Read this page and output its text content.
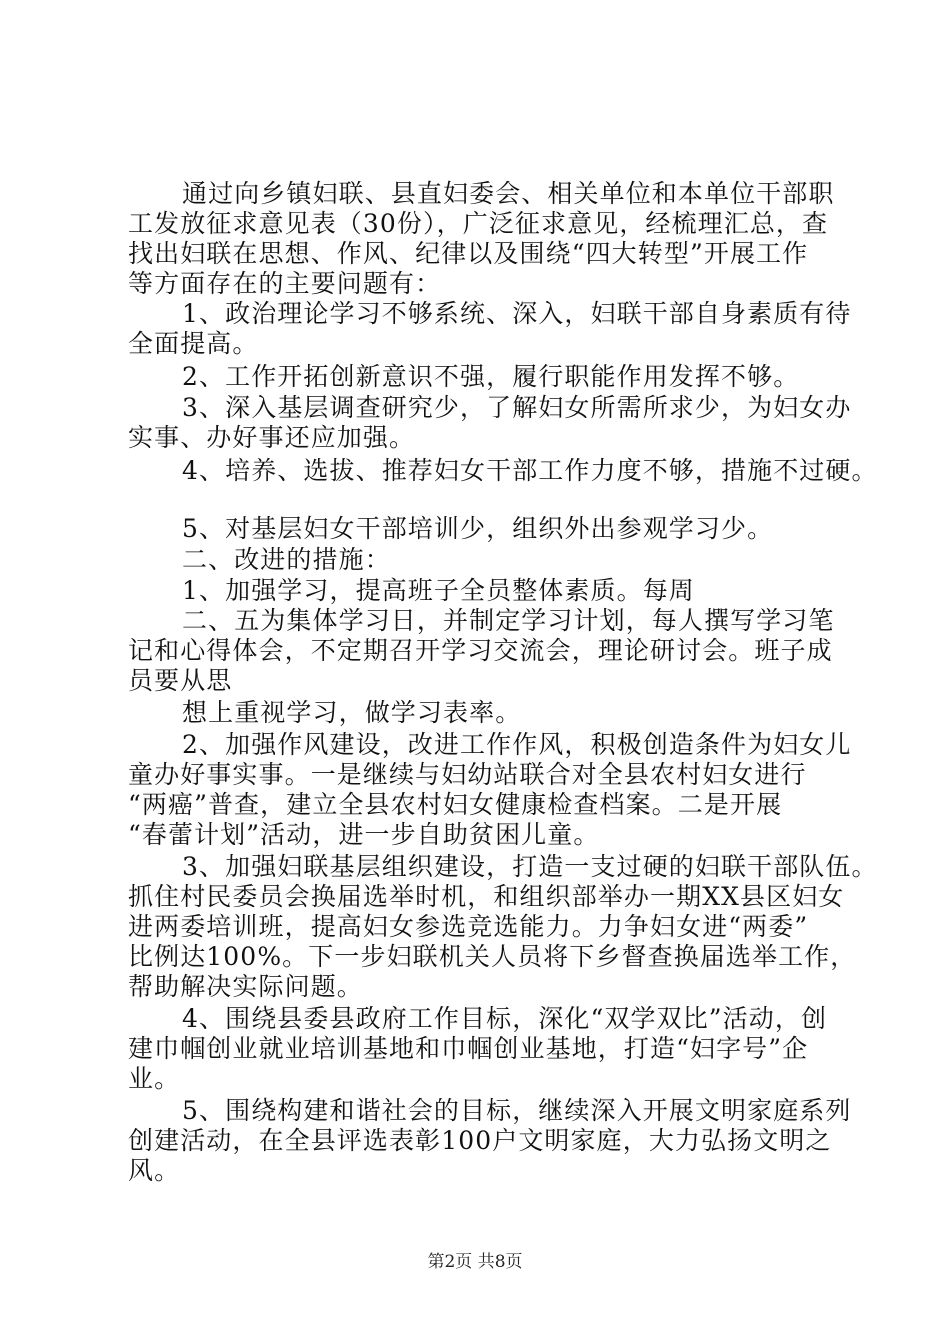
通过向乡镇妇联、县直妇委会、相关单位和本单位干部职
工发放征求意见表（30份），广泛征求意见，经梳理汇总，查
找出妇联在思想、作风、纪律以及围绕“四大转型”开展工作
等方面存在的主要问题有：
1、政治理论学习不够系统、深入，妇联干部自身素质有待
全面提高。
2、工作开拓创新意识不强，履行职能作用发挥不够。
3、深入基层调查研究少，了解妇女所需所求少，为妇女办
实事、办好事还应加强。
4、培养、选拔、推荐妇女干部工作力度不够，措施不过硬。
5、对基层妇女干部培训少，组织外出参观学习少。
二、改进的措施：
1、加强学习，提高班子全员整体素质。每周
二、五为集体学习日，并制定学习计划，每人撰写学习笔
记和心得体会，不定期召开学习交流会，理论研讨会。班子成
员要从思
想上重视学习，做学习表率。
2、加强作风建设，改进工作作风，积极创造条件为妇女儿
童办好事实事。一是继续与妇幼站联合对全县农村妇女进行
“两癌”普查，建立全县农村妇女健康检查档案。二是开展
“春蕾计划”活动，进一步自助贫困儿童。
3、加强妇联基层组织建设，打造一支过硬的妇联干部队伍。
抓住村民委员会换届选举时机，和组织部举办一期XX县区妇女
进两委培训班，提高妇女参选竞选能力。力争妇女进“两委”
比例达100%。下一步妇联机关人员将下乡督查换届选举工作，
帮助解决实际问题。
4、围绕县委县政府工作目标，深化“双学双比”活动，创
建巾帼创业就业培训基地和巾帼创业基地，打造“妇字号”企
业。
5、围绕构建和谐社会的目标，继续深入开展文明家庭系列
创建活动，在全县评选表彰100户文明家庭，大力弘扬文明之
风。
第2页 共8页
